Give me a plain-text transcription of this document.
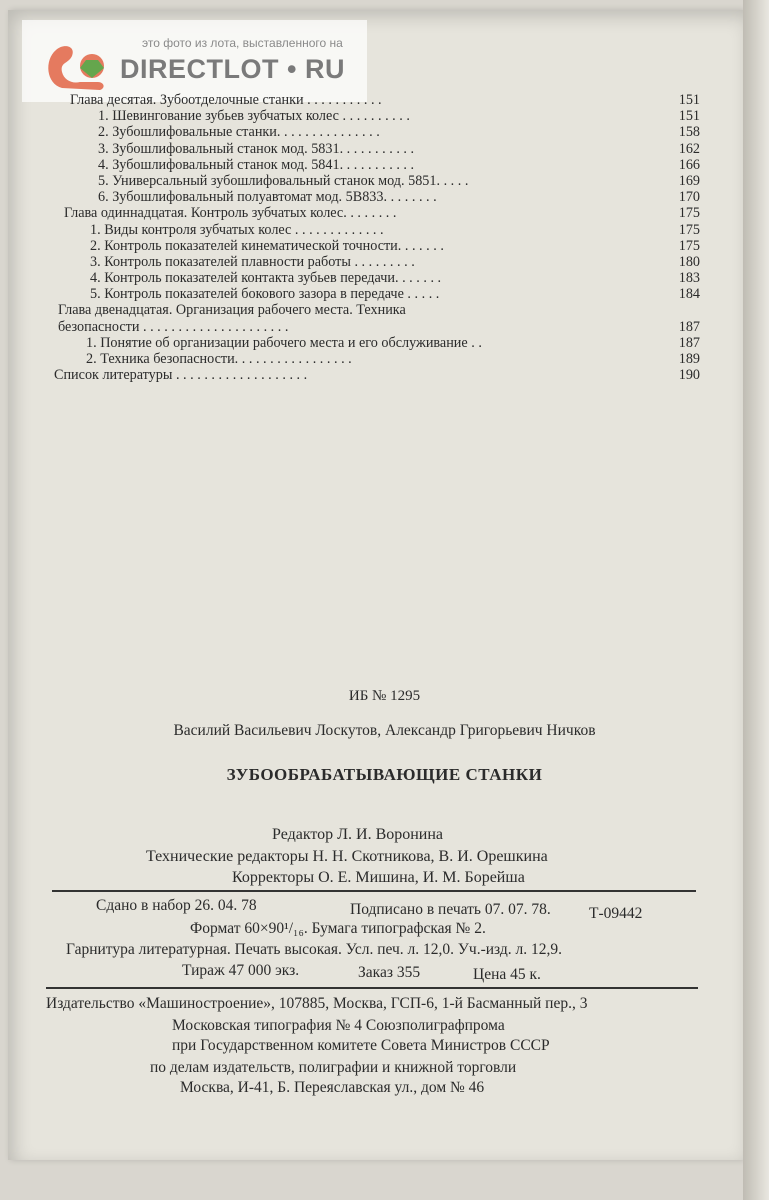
это фото из лота, выставленного на
DIRECTLOT • RU
Глава десятая. Зубоотделочные станки . . . . . . . . . . .	151
1. Шевингование зубьев зубчатых колес . . . . . . . . . .	151
2. Зубошлифовальные станки. . . . . . . . . . . . . . .	158
3. Зубошлифовальный станок мод. 5831. . . . . . . . . . .	162
4. Зубошлифовальный станок мод. 5841. . . . . . . . . . .	166
5. Универсальный зубошлифовальный станок мод. 5851. . . . .	169
6. Зубошлифовальный полуавтомат мод. 5В833. . . . . . . .	170
Глава одиннадцатая. Контроль зубчатых колес. . . . . . . .	175
1. Виды контроля зубчатых колес . . . . . . . . . . . . .	175
2. Контроль показателей кинематической точности. . . . . . .	175
3. Контроль показателей плавности работы . . . . . . . . .	180
4. Контроль показателей контакта зубьев передачи. . . . . . .	183
5. Контроль показателей бокового зазора в передаче . . . . .	184
Глава двенадцатая. Организация рабочего места. Техника
безопасности . . . . . . . . . . . . . . . . . . . . .	187
1. Понятие об организации рабочего места и его обслуживание . .	187
2. Техника безопасности. . . . . . . . . . . . . . . . .	189
Список литературы . . . . . . . . . . . . . . . . . . .	190
ИБ № 1295
Василий Васильевич Лоскутов, Александр Григорьевич Ничков
ЗУБООБРАБАТЫВАЮЩИЕ СТАНКИ
Редактор Л. И. Воронина
Технические редакторы Н. Н. Скотникова, В. И. Орешкина
Корректоры О. Е. Мишина, И. М. Борейша
Сдано в набор 26. 04. 78	Подписано в печать 07. 07. 78. Т-09442
Формат 60×90¹/₁₆. Бумага типографская № 2.
Гарнитура литературная. Печать высокая. Усл. печ. л. 12,0. Уч.-изд. л. 12,9.
Тираж 47 000 экз.	Заказ 355	Цена 45 к.
Издательство «Машиностроение», 107885, Москва, ГСП-6, 1-й Басманный пер., 3
Московская типография № 4 Союзполиграфпрома
при Государственном комитете Совета Министров СССР
по делам издательств, полиграфии и книжной торговли
Москва, И-41, Б. Переяславская ул., дом № 46
